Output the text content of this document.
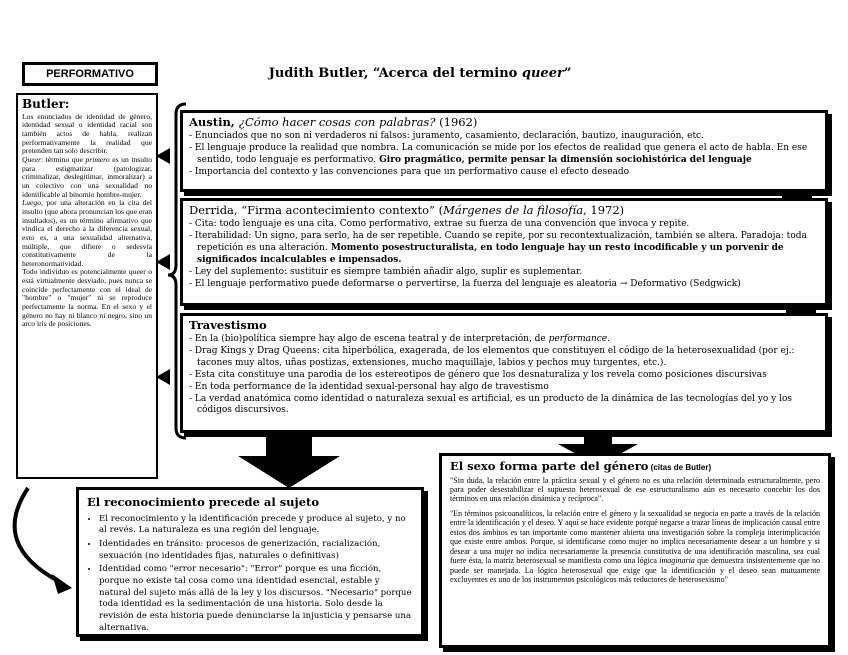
PERFORMATIVO	Judith Butler, “Acerca del termino queer”
Butler:

Los enunciados de identidad de género, identidad sexual o identidad racial son también actos de habla, realizan performativamente la realidad que pretenden tan solo describir.

Queer: término que primero es un insulto para estigmatizar (patologizar, criminalizar, deslegitimar, inmoralizar) a un colectivo con una sexualidad no identificable al binomio hombre-mujer.

Luego, por una alteración en la cita del insulto (que ahora pronuncian los que eran insultados), es un término afirmativo que vindica el derecho a la diferencia sexual, esto es, a una sexualidad alternativa, múltiple, que difiere o sedesvía constitutivamente de la heteronormatividad.

Todo individuo es potencialmente queer o está virtualmente desviado, pues nunca se coincide perfectamente con el ideal de "hombre" o "mujer" ni se reproduce perfectamente la norma. En el sexo y el género no hay ni blanco ni negro, sino un arco iris de posiciones.

Austin, ¿Cómo hacer cosas con palabras? (1962)
- Enunciados que no son ni verdaderos ni falsos: juramento, casamiento, declaración, bautizo, inauguración, etc.
- El lenguaje produce la realidad que nombra. La comunicación se mide por los efectos de realidad que genera el acto de habla. En ese sentido, todo lenguaje es performativo. Giro pragmático, permite pensar la dimensión sociohistórica del lenguaje
- Importancia del contexto y las convenciones para que un performativo cause el efecto deseado
Derrida, “Firma acontecimiento contexto” (Márgenes de la filosofía, 1972)
- Cita: todo lenguaje es una cita. Como performativo, extrae su fuerza de una convención que invoca y repite.
- Iterabilidad: Un signo, para serlo, ha de ser repetible. Cuando se repite, por su recontextualización, también se altera. Paradoja: toda repetición es una alteración. Momento posestructuralista, en todo lenguaje hay un resto incodificable y un porvenir de significados incalculables e impensados.
- Ley del suplemento: sustituir es siempre también añadir algo, suplir es suplementar.
- El lenguaje performativo puede deformarse o pervertirse, la fuerza del lenguaje es aleatoria → Deformativo (Sedgwick)
Travestismo
- En la (bio)política siempre hay algo de escena teatral y de interpretación, de performance.
- Drag Kings y Drag Queens: cita hiperbólica, exagerada, de los elementos que constituyen el código de la heterosexualidad (por ej.: tacones muy altos, uñas postizas, extensiones, mucho maquillaje, labios y pechos muy turgentes, etc.).
- Esta cita constituye una parodia de los estereotipos de género que los desnaturaliza y los revela como posiciones discursivas
- En toda performance de la identidad sexual-personal hay algo de travestismo
- La verdad anatómica como identidad o naturaleza sexual es artificial, es un producto de la dinámica de las tecnologías del yo y los códigos discursivos.
El reconocimiento precede al sujeto
• El reconocimiento y la identificación precede y produce al sujeto, y no al revés. La naturaleza es una región del lenguaje.
• Identidades en tránsito: procesos de generización, racialización, sexuación (no identidades fijas, naturales o definitivas)
• Identidad como "error necesario": "Error" porque es una ficción, porque no existe tal cosa como una identidad esencial, estable y natural del sujeto más allá de la ley y los discursos. "Necesario" porque toda identidad es la sedimentación de una historia. Solo desde la revisión de esta historia puede denunciarse la injusticia y pensarse una alternativa.
El sexo forma parte del género (citas de Butler)

"Sin duda, la relación entre la práctica sexual y el género no es una relación determinada estructuralmente, pero para poder desestabilizar el supuesto heterosexual de ese estructuralismo aún es necesario concebir los dos términos en una relación dinámica y recíproca".

"En términos psicoanalíticos, la relación entre el género y la sexualidad se negocia en parte a través de la relación entre la identificación y el deseo. Y aquí se hace evidente porqué negarse a trazar líneas de implicación causal entre estos dos ámbitos es tan importante como mantener abierta una investigación sobre la compleja interimplicación que existe entre ambos. Porque, si identificarse como mujer no implica necesariamente desear a un hombre y si desear a una mujer no indica necesariamente la presencia constitutiva de una identificación masculina, sea cual fuere ésta, la matriz heterosexual se manifiesta como una lógica imaginaria que demuestra insistentemente que no puede ser manejada. La lógica heterosexual que exige que la identificación y el deseo sean mutuamente excluyentes es uno de los instrumentos psicológicos más reductores de heterosexismo"
